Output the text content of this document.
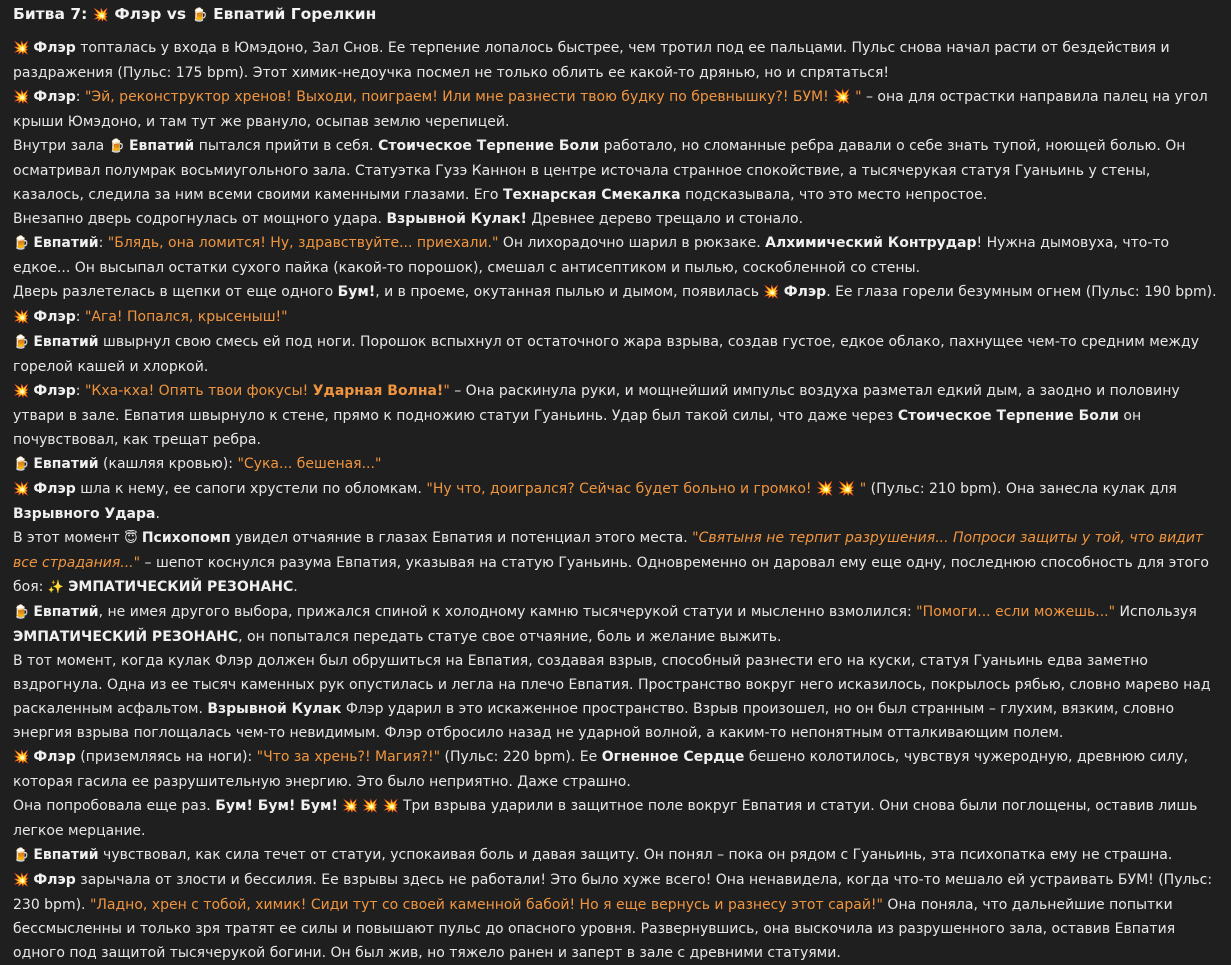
Битва 7: 💥 Флэр vs 🍺 Евпатий Горелкин

💥 Флэр топталась у входа в Юмэдоно, Зал Снов. Ее терпение лопалось быстрее, чем тротил под ее пальцами. Пульс снова начал расти от бездействия и раздражения (Пульс: 175 bpm). Этот химик-недоучка посмел не только облить ее какой-то дрянью, но и спрятаться!

💥 Флэр: "Эй, реконструктор хренов! Выходи, поиграем! Или мне разнести твою будку по бревнышку?! БУМ! 💥 " – она для острастки направила палец на угол крыши Юмэдоно, и там тут же рвануло, осыпав землю черепицей.

Внутри зала 🍺 Евпатий пытался прийти в себя. Стоическое Терпение Боли работало, но сломанные ребра давали о себе знать тупой, ноющей болью. Он осматривал полумрак восьмиугольного зала. Статуэтка Гузэ Каннон в центре источала странное спокойствие, а тысячерукая статуя Гуаньинь у стены, казалось, следила за ним всеми своими каменными глазами. Его Технарская Смекалка подсказывала, что это место непростое.

Внезапно дверь содрогнулась от мощного удара. Взрывной Кулак! Древнее дерево трещало и стонало.

🍺 Евпатий: "Блядь, она ломится! Ну, здравствуйте... приехали." Он лихорадочно шарил в рюкзаке. Алхимический Контрудар! Нужна дымовуха, что-то едкое... Он высыпал остатки сухого пайка (какой-то порошок), смешал с антисептиком и пылью, соскобленной со стены.

Дверь разлетелась в щепки от еще одного Бум!, и в проеме, окутанная пылью и дымом, появилась 💥 Флэр. Ее глаза горели безумным огнем (Пульс: 190 bpm).

💥 Флэр: "Ага! Попался, крысеныш!"

🍺 Евпатий швырнул свою смесь ей под ноги. Порошок вспыхнул от остаточного жара взрыва, создав густое, едкое облако, пахнущее чем-то средним между горелой кашей и хлоркой.

💥 Флэр: "Кха-кха! Опять твои фокусы! Ударная Волна!" – Она раскинула руки, и мощнейший импульс воздуха разметал едкий дым, а заодно и половину утвари в зале. Евпатия швырнуло к стене, прямо к подножию статуи Гуаньинь. Удар был такой силы, что даже через Стоическое Терпение Боли он почувствовал, как трещат ребра.

🍺 Евпатий (кашляя кровью): "Сука... бешеная..."

💥 Флэр шла к нему, ее сапоги хрустели по обломкам. "Ну что, доигрался? Сейчас будет больно и громко! 💥 💥 " (Пульс: 210 bpm). Она занесла кулак для Взрывного Удара.

В этот момент 😇 Психопомп увидел отчаяние в глазах Евпатия и потенциал этого места. "Святыня не терпит разрушения... Попроси защиты у той, что видит все страдания..." – шепот коснулся разума Евпатия, указывая на статую Гуаньинь. Одновременно он даровал ему еще одну, последнюю способность для этого боя: ✨ ЭМПАТИЧЕСКИЙ РЕЗОНАНС.

🍺 Евпатий, не имея другого выбора, прижался спиной к холодному камню тысячерукой статуи и мысленно взмолился: "Помоги... если можешь..." Используя ЭМПАТИЧЕСКИЙ РЕЗОНАНС, он попытался передать статуе свое отчаяние, боль и желание выжить.

В тот момент, когда кулак Флэр должен был обрушиться на Евпатия, создавая взрыв, способный разнести его на куски, статуя Гуаньинь едва заметно вздрогнула. Одна из ее тысяч каменных рук опустилась и легла на плечо Евпатия. Пространство вокруг него исказилось, покрылось рябью, словно марево над раскаленным асфальтом. Взрывной Кулак Флэр ударил в это искаженное пространство. Взрыв произошел, но он был странным – глухим, вязким, словно энергия взрыва поглощалась чем-то невидимым. Флэр отбросило назад не ударной волной, а каким-то непонятным отталкивающим полем.

💥 Флэр (приземляясь на ноги): "Что за хрень?! Магия?!" (Пульс: 220 bpm). Ее Огненное Сердце бешено колотилось, чувствуя чужеродную, древнюю силу, которая гасила ее разрушительную энергию. Это было неприятно. Даже страшно.

Она попробовала еще раз. Бум! Бум! Бум! 💥 💥 💥 Три взрыва ударили в защитное поле вокруг Евпатия и статуи. Они снова были поглощены, оставив лишь легкое мерцание.

🍺 Евпатий чувствовал, как сила течет от статуи, успокаивая боль и давая защиту. Он понял – пока он рядом с Гуаньинь, эта психопатка ему не страшна.

💥 Флэр зарычала от злости и бессилия. Ее взрывы здесь не работали! Это было хуже всего! Она ненавидела, когда что-то мешало ей устраивать БУМ! (Пульс: 230 bpm). "Ладно, хрен с тобой, химик! Сиди тут со своей каменной бабой! Но я еще вернусь и разнесу этот сарай!" Она поняла, что дальнейшие попытки бессмысленны и только зря тратят ее силы и повышают пульс до опасного уровня. Развернувшись, она выскочила из разрушенного зала, оставив Евпатия одного под защитой тысячерукой богини. Он был жив, но тяжело ранен и заперт в зале с древними статуями.
